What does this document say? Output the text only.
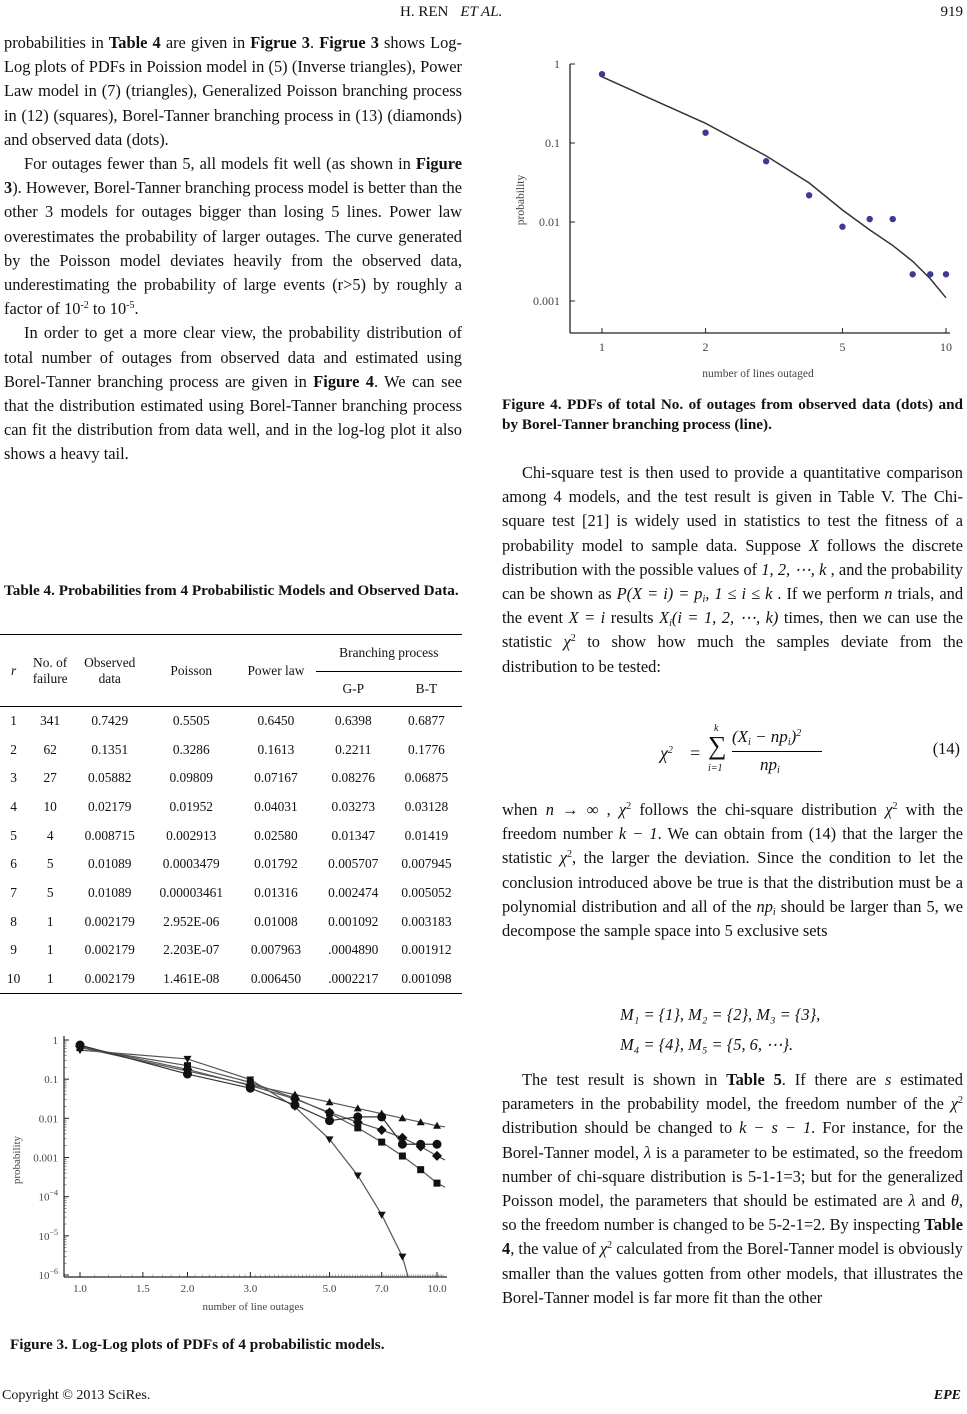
H. REN ET AL.	919

probabilities in Table 4 are given in Figrue 3. Figrue 3 shows Log-Log plots of PDFs in Poission model in (5) (Inverse triangles), Power Law model in (7) (triangles), Generalized Poisson branching process in (12) (squares), Borel-Tanner branching process in (13) (diamonds) and observed data (dots).

For outages fewer than 5, all models fit well (as shown in Figure 3). However, Borel-Tanner branching process model is better than the other 3 models for outages bigger than losing 5 lines. Power law overestimates the probability of larger outages. The curve generated by the Poisson model deviates heavily from the observed data, underestimating the probability of large events (r>5) by roughly a factor of $10^{-2}$ to $10^{-5}$.

In order to get a more clear view, the probability distribution of total number of outages from observed data and estimated using Borel-Tanner branching process are given in Figure 4. We can see that the distribution estimated using Borel-Tanner branching process can fit the distribution from data well, and in the log-log plot it also shows a heavy tail.

Table 4. Probabilities from 4 Probabilistic Models and Observed Data.
r	No. of failure	Observed data	Poisson	Power law	Branching process	
					G-P	B-T
1	341	0.7429	0.5505	0.6450	0.6398	0.6877
2	62	0.1351	0.3286	0.1613	0.2211	0.1776
3	27	0.05882	0.09809	0.07167	0.08276	0.06875
4	10	0.02179	0.01952	0.04031	0.03273	0.03128
5	4	0.008715	0.002913	0.02580	0.01347	0.01419
6	5	0.01089	0.0003479	0.01792	0.005707	0.007945
7	5	0.01089	0.00003461	0.01316	0.002474	0.005052
8	1	0.002179	2.952E-06	0.01008	0.001092	0.003183
9	1	0.002179	2.203E-07	0.007963	.0004890	0.001912
10	1	0.002179	1.461E-08	0.006450	.0002217	0.001098
1
0.1
0.01
0.001
$10^{-4}$
$10^{-5}$
$10^{-6}$
1.0	1.5	2.0	3.0	5.0	7.0	10.0
number of line outages
probability
Figure 3. Log-Log plots of PDFs of 4 probabilistic models.
1
0.1
0.01
0.001
1	2	5	10
number of lines outaged
probability
Figure 4. PDFs of total No. of outages from observed data (dots) and by Borel-Tanner branching process (line).

Chi-square test is then used to provide a quantitative comparison among 4 models, and the test result is given in Table V. The Chi-square test [21] is widely used in statistics to test the fitness of a probability model to sample data. Suppose X follows the discrete distribution with the possible values of 1, 2, ⋯, k , and the probability can be shown as $P(X = i) = p_i$, 1 ≤ i ≤ k . If we perform n trials, and the event X = i results $X_i(i = 1$, 2, ⋯, k) times, then we can use the statistic $\chi^2$ to show how much the samples deviate from the distribution to be tested:

$\chi^2$ = ∑
k
i=1
$(X_i - np_i)^2$
$np_i$
(14)

when n → ∞ , $\chi^2$ follows the chi-square distribution $\chi^2$ with the freedom number k − 1. We can obtain from (14) that the larger the statistic $\chi^2$, the larger the deviation. Since the condition to let the conclusion introduced above be true is that the distribution must be a polynomial distribution and all of the $np_i$ should be larger than 5, we decompose the sample space into 5 exclusive sets

M₁ = {1}, M₂ = {2}, M₃ = {3},
M₄ = {4}, M₅ = {5, 6, ⋯}.

The test result is shown in Table 5. If there are s estimated parameters in the probability model, the freedom number of the $\chi^2$ distribution should be changed to k − s − 1. For instance, for the Borel-Tanner model, λ is a parameter to be estimated, so the freedom number of chi-square distribution is 5-1-1=3; but for the generalized Poisson model, the parameters that should be estimated are λ and θ, so the freedom number is changed to be 5-2-1=2. By inspecting Table 4, the value of $\chi^2$ calculated from the Borel-Tanner model is obviously smaller than the values gotten from other models, that illustrates the Borel-Tanner model is far more fit than the other

Copyright © 2013 SciRes.	EPE
